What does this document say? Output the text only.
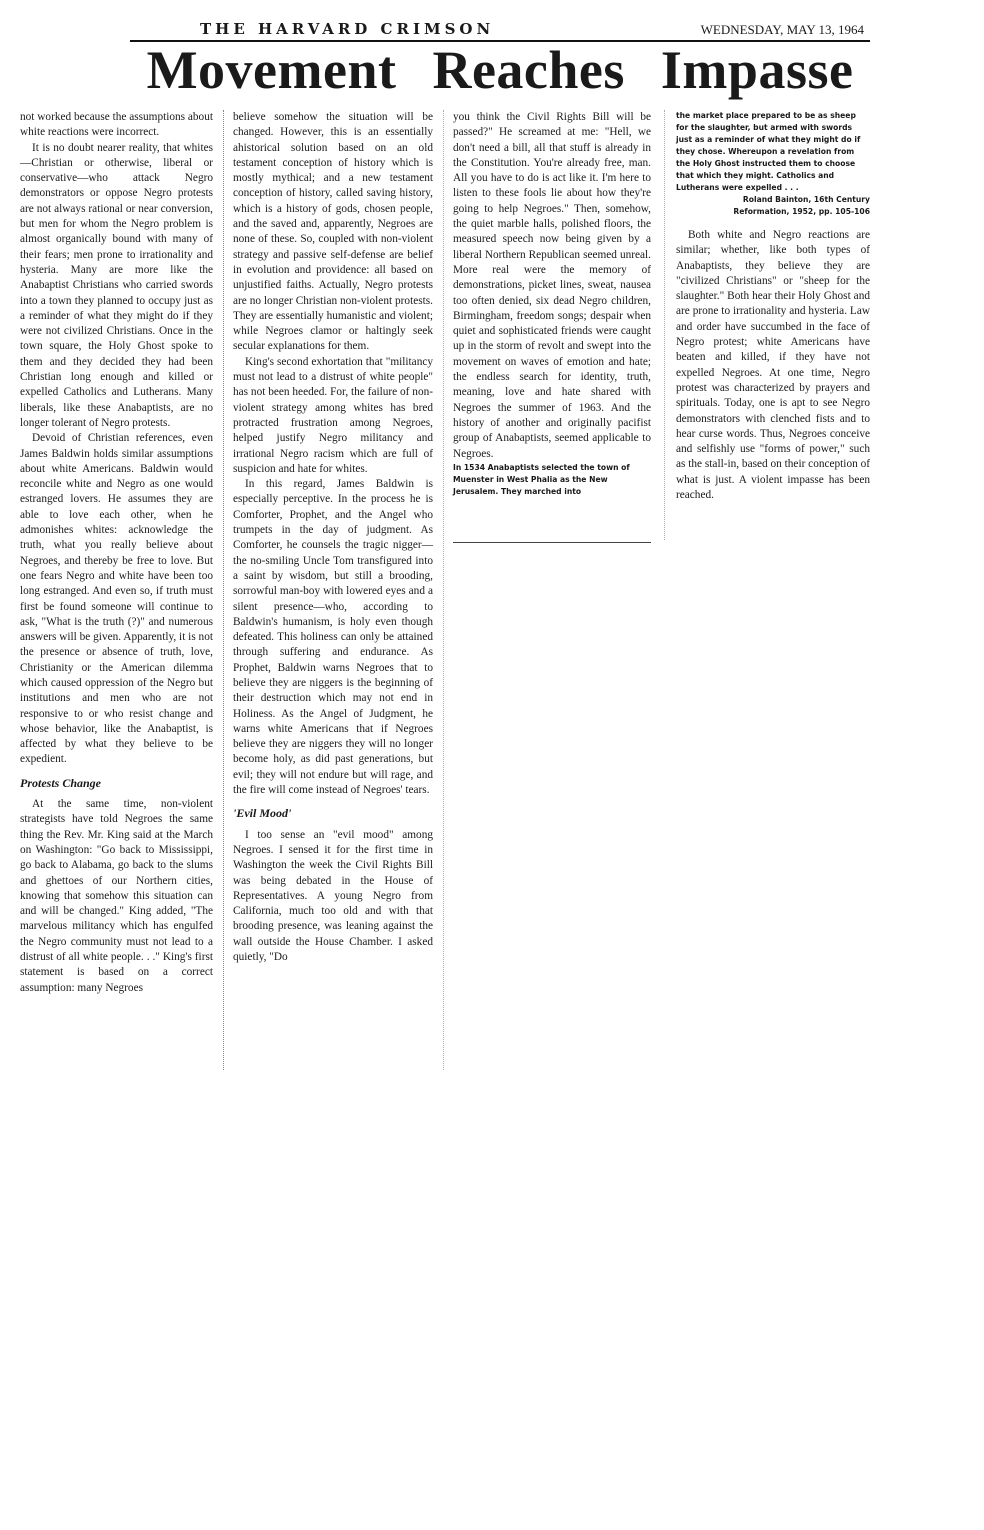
THE HARVARD CRIMSON	WEDNESDAY, MAY 13, 1964
Movement Reaches Impasse

not worked because the assumptions about white reactions were incorrect.

It is no doubt nearer reality, that whites—Christian or otherwise, liberal or conservative—who attack Negro demonstrators or oppose Negro protests are not always rational or near conversion, but men for whom the Negro problem is almost organically bound with many of their fears; men prone to irrationality and hysteria. Many are more like the Anabaptist Christians who carried swords into a town they planned to occupy just as a reminder of what they might do if they were not civilized Christians. Once in the town square, the Holy Ghost spoke to them and they decided they had been Christian long enough and killed or expelled Catholics and Lutherans. Many liberals, like these Anabaptists, are no longer tolerant of Negro protests.

Devoid of Christian references, even James Baldwin holds similar assumptions about white Americans. Baldwin would reconcile white and Negro as one would estranged lovers. He assumes they are able to love each other, when he admonishes whites: acknowledge the truth, what you really believe about Negroes, and thereby be free to love. But one fears Negro and white have been too long estranged. And even so, if truth must first be found someone will continue to ask, "What is the truth (?)" and numerous answers will be given. Apparently, it is not the presence or absence of truth, love, Christianity or the American dilemma which caused oppression of the Negro but institutions and men who are not responsive to or who resist change and whose behavior, like the Anabaptist, is affected by what they believe to be expedient.

Protests Change

At the same time, non-violent strategists have told Negroes the same thing the Rev. Mr. King said at the March on Washington: "Go back to Mississippi, go back to Alabama, go back to the slums and ghettoes of our Northern cities, knowing that somehow this situation can and will be changed." King added, "The marvelous militancy which has engulfed the Negro community must not lead to a distrust of all white people. . ." King's first statement is based on a correct assumption: many Negroes

believe somehow the situation will be changed. However, this is an essentially ahistorical solution based on an old testament conception of history which is mostly mythical; and a new testament conception of history, called saving history, which is a history of gods, chosen people, and the saved and, apparently, Negroes are none of these. So, coupled with non-violent strategy and passive self-defense are belief in evolution and providence: all based on unjustified faiths. Actually, Negro protests are no longer Christian non-violent protests. They are essentially humanistic and violent; while Negroes clamor or haltingly seek secular explanations for them.

King's second exhortation that "militancy must not lead to a distrust of white people" has not been heeded. For, the failure of non-violent strategy among whites has bred protracted frustration among Negroes, helped justify Negro militancy and irrational Negro racism which are full of suspicion and hate for whites.

In this regard, James Baldwin is especially perceptive. In the process he is Comforter, Prophet, and the Angel who trumpets in the day of judgment. As Comforter, he counsels the tragic nigger—the no-smiling Uncle Tom transfigured into a saint by wisdom, but still a brooding, sorrowful man-boy with lowered eyes and a silent presence—who, according to Baldwin's humanism, is holy even though defeated. This holiness can only be attained through suffering and endurance. As Prophet, Baldwin warns Negroes that to believe they are niggers is the beginning of their destruction which may not end in Holiness. As the Angel of Judgment, he warns white Americans that if Negroes believe they are niggers they will no longer become holy, as did past generations, but evil; they will not endure but will rage, and the fire will come instead of Negroes' tears.

'Evil Mood'

I too sense an "evil mood" among Negroes. I sensed it for the first time in Washington the week the Civil Rights Bill was being debated in the House of Representatives. A young Negro from California, much too old and with that brooding presence, was leaning against the wall outside the House Chamber. I asked quietly, "Do

you think the Civil Rights Bill will be passed?" He screamed at me: "Hell, we don't need a bill, all that stuff is already in the Constitution. You're already free, man. All you have to do is act like it. I'm here to listen to these fools lie about how they're going to help Negroes." Then, somehow, the quiet marble halls, polished floors, the measured speech now being given by a liberal Northern Republican seemed unreal. More real were the memory of demonstrations, picket lines, sweat, nausea too often denied, six dead Negro children, Birmingham, freedom songs; despair when quiet and sophisticated friends were caught up in the storm of revolt and swept into the movement on waves of emotion and hate; the endless search for identity, truth, meaning, love and hate shared with Negroes the summer of 1963. And the history of another and originally pacifist group of Anabaptists, seemed applicable to Negroes.

In 1534 Anabaptists selected the town of Muenster in West Phalia as the New Jerusalem. They marched into

the market place prepared to be as sheep for the slaughter, but armed with swords just as a reminder of what they might do if they chose. Whereupon a revelation from the Holy Ghost instructed them to choose that which they might. Catholics and Lutherans were expelled . . .

Roland Bainton, 16th Century

Reformation, 1952, pp. 105-106

Both white and Negro reactions are similar; whether, like both types of Anabaptists, they believe they are "civilized Christians" or "sheep for the slaughter." Both hear their Holy Ghost and are prone to irrationality and hysteria. Law and order have succumbed in the face of Negro protest; white Americans have beaten and killed, if they have not expelled Negroes. At one time, Negro protest was characterized by prayers and spirituals. Today, one is apt to see Negro demonstrators with clenched fists and to hear curse words. Thus, Negroes conceive and selfishly use "forms of power," such as the stall-in, based on their conception of what is just. A violent impasse has been reached.
